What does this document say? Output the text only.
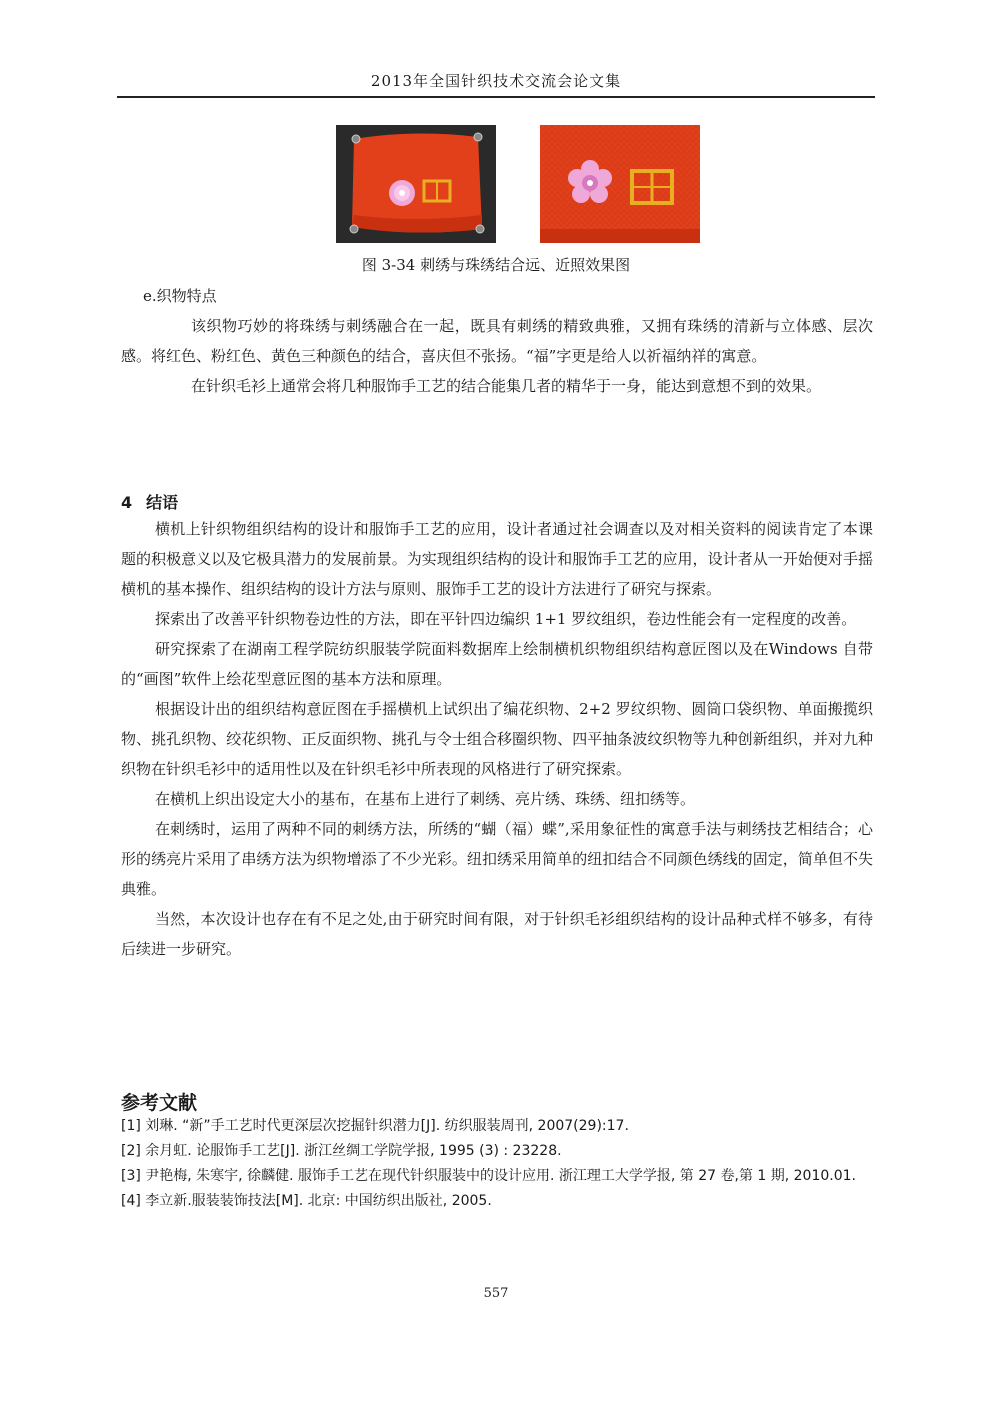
2013年全国针织技术交流会论文集
图 3-34 刺绣与珠绣结合远、近照效果图

e.织物特点

该织物巧妙的将珠绣与刺绣融合在一起，既具有刺绣的精致典雅，又拥有珠绣的清新与立体感、层次感。将红色、粉红色、黄色三种颜色的结合，喜庆但不张扬。“福”字更是给人以祈福纳祥的寓意。

在针织毛衫上通常会将几种服饰手工艺的结合能集几者的精华于一身，能达到意想不到的效果。

4 结语

横机上针织物组织结构的设计和服饰手工艺的应用，设计者通过社会调查以及对相关资料的阅读肯定了本课题的积极意义以及它极具潜力的发展前景。为实现组织结构的设计和服饰手工艺的应用，设计者从一开始便对手摇横机的基本操作、组织结构的设计方法与原则、服饰手工艺的设计方法进行了研究与探索。

探索出了改善平针织物卷边性的方法，即在平针四边编织 1+1 罗纹组织，卷边性能会有一定程度的改善。

研究探索了在湖南工程学院纺织服装学院面料数据库上绘制横机织物组织结构意匠图以及在Windows 自带的“画图”软件上绘花型意匠图的基本方法和原理。

根据设计出的组织结构意匠图在手摇横机上试织出了编花织物、2+2 罗纹织物、圆筒口袋织物、单面搬揽织物、挑孔织物、绞花织物、正反面织物、挑孔与令士组合移圈织物、四平抽条波纹织物等九种创新组织，并对九种织物在针织毛衫中的适用性以及在针织毛衫中所表现的风格进行了研究探索。

在横机上织出设定大小的基布，在基布上进行了刺绣、亮片绣、珠绣、纽扣绣等。

在刺绣时，运用了两种不同的刺绣方法，所绣的“蝴（福）蝶”,采用象征性的寓意手法与刺绣技艺相结合；心形的绣亮片采用了串绣方法为织物增添了不少光彩。纽扣绣采用简单的纽扣结合不同颜色绣线的固定，简单但不失典雅。

当然，本次设计也存在有不足之处,由于研究时间有限，对于针织毛衫组织结构的设计品种式样不够多，有待后续进一步研究。

参考文献

[1] 刘琳. “新”手工艺时代更深层次挖掘针织潜力[J]. 纺织服装周刊, 2007(29):17.

[2] 余月虹. 论服饰手工艺[J]. 浙江丝绸工学院学报, 1995 (3) : 23228.

[3] 尹艳梅, 朱寒宇, 徐麟健. 服饰手工艺在现代针织服装中的设计应用. 浙江理工大学学报, 第 27 卷,第 1 期, 2010.01.

[4] 李立新.服装装饰技法[M]. 北京: 中国纺织出版社, 2005.

557
